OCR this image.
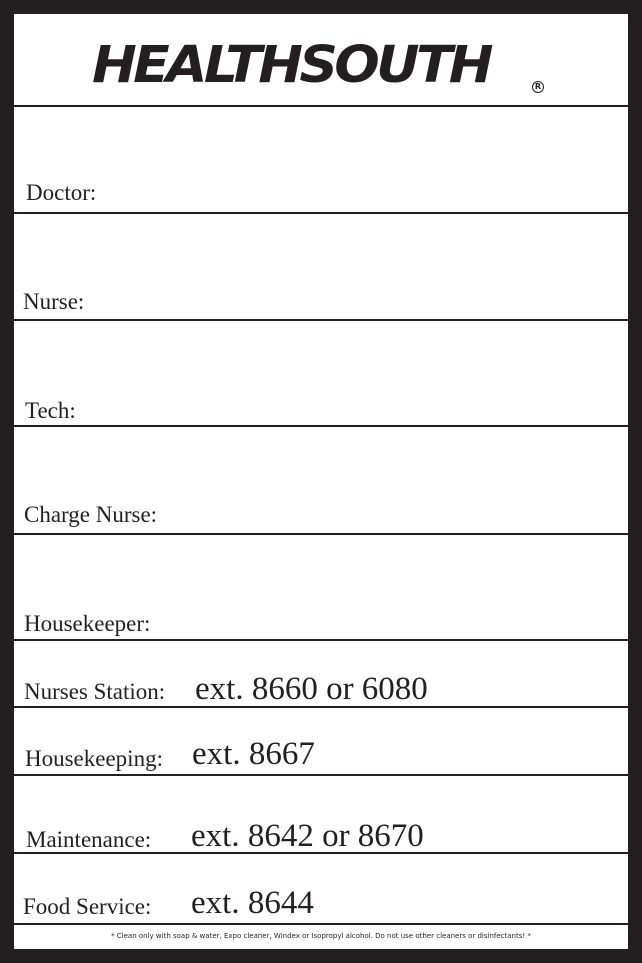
HEALTHSOUTH	R
Doctor:
Nurse:
Tech:
Charge Nurse:
Housekeeper:
Nurses Station: ext. 8660 or 6080
Housekeeping: ext. 8667
Maintenance: ext. 8642 or 8670
Food Service: ext. 8644
* Clean only with soap & water, Expo cleaner, Windex or Isopropyl alcohol. Do not use other cleaners or disinfectants! *
